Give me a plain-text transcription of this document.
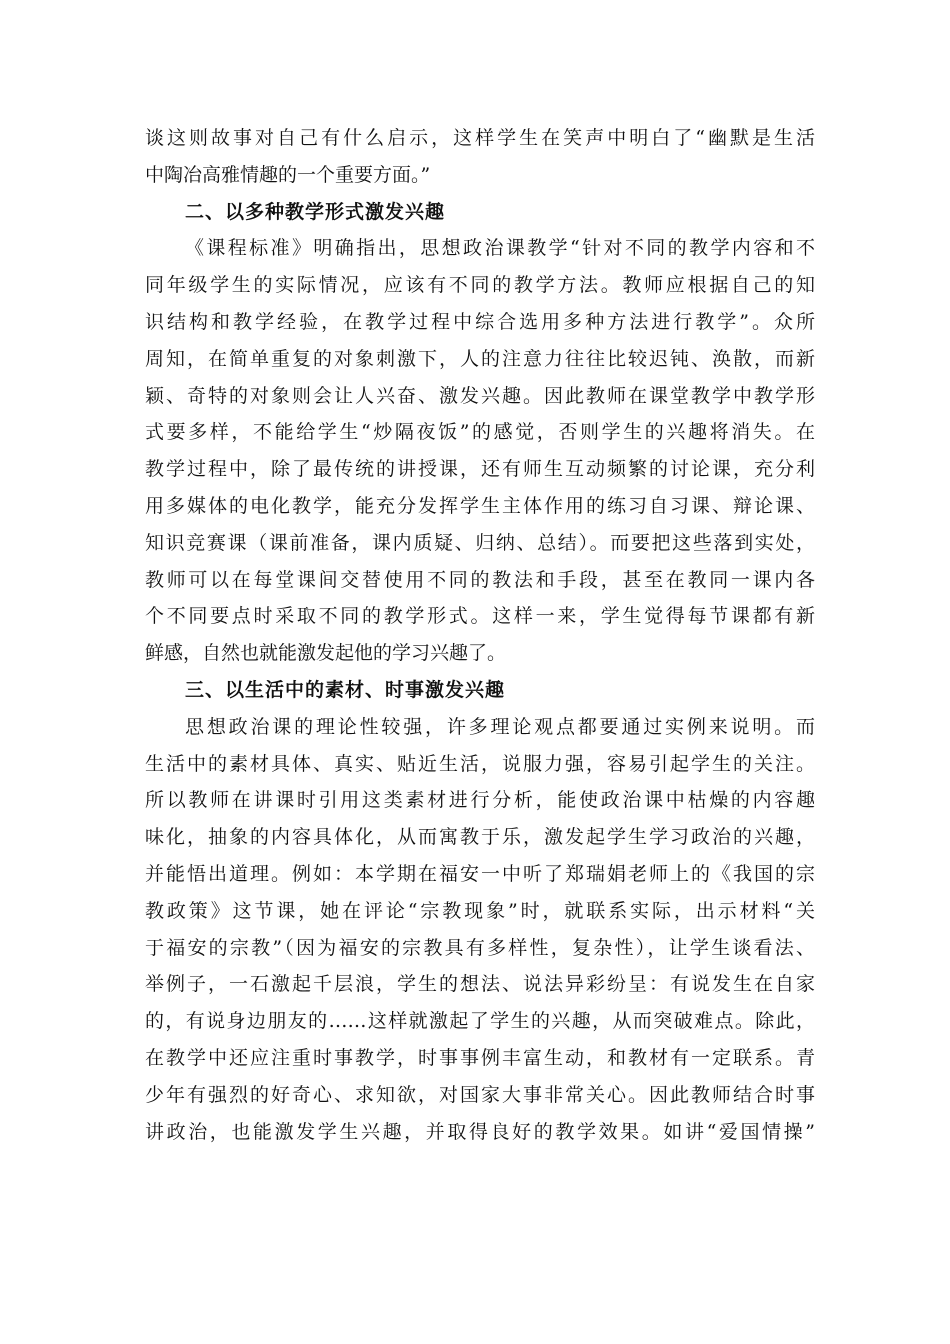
谈这则故事对自己有什么启示，这样学生在笑声中明白了“幽默是生活
中陶冶高雅情趣的一个重要方面。”
二、以多种教学形式激发兴趣
《课程标准》明确指出，思想政治课教学“针对不同的教学内容和不
同年级学生的实际情况，应该有不同的教学方法。教师应根据自己的知
识结构和教学经验，在教学过程中综合选用多种方法进行教学”。众所
周知，在简单重复的对象刺激下，人的注意力往往比较迟钝、涣散，而新
颖、奇特的对象则会让人兴奋、激发兴趣。因此教师在课堂教学中教学形
式要多样，不能给学生“炒隔夜饭”的感觉，否则学生的兴趣将消失。在
教学过程中，除了最传统的讲授课，还有师生互动频繁的讨论课，充分利
用多媒体的电化教学，能充分发挥学生主体作用的练习自习课、辩论课、
知识竞赛课（课前准备，课内质疑、归纳、总结）。而要把这些落到实处，
教师可以在每堂课间交替使用不同的教法和手段，甚至在教同一课内各
个不同要点时采取不同的教学形式。这样一来，学生觉得每节课都有新
鲜感，自然也就能激发起他的学习兴趣了。
三、以生活中的素材、时事激发兴趣
思想政治课的理论性较强，许多理论观点都要通过实例来说明。而
生活中的素材具体、真实、贴近生活，说服力强，容易引起学生的关注。
所以教师在讲课时引用这类素材进行分析，能使政治课中枯燥的内容趣
味化，抽象的内容具体化，从而寓教于乐，激发起学生学习政治的兴趣，
并能悟出道理。例如：本学期在福安一中听了郑瑞娟老师上的《我国的宗
教政策》这节课，她在评论“宗教现象”时，就联系实际，出示材料“关
于福安的宗教”（因为福安的宗教具有多样性，复杂性），让学生谈看法、
举例子，一石激起千层浪，学生的想法、说法异彩纷呈：有说发生在自家
的，有说身边朋友的……这样就激起了学生的兴趣，从而突破难点。除此，
在教学中还应注重时事教学，时事事例丰富生动，和教材有一定联系。青
少年有强烈的好奇心、求知欲，对国家大事非常关心。因此教师结合时事
讲政治，也能激发学生兴趣，并取得良好的教学效果。如讲“爱国情操”
